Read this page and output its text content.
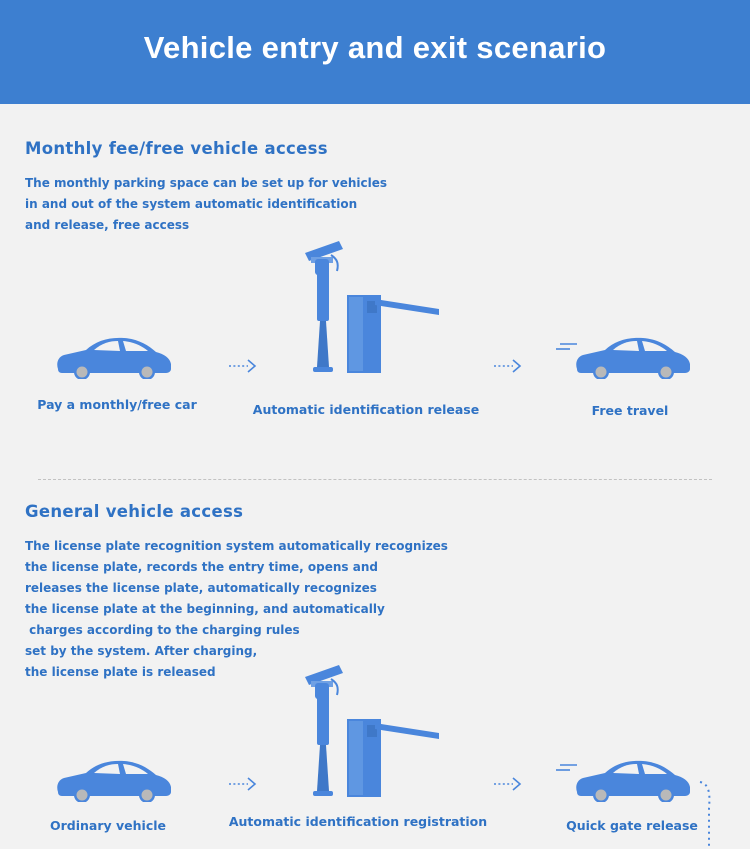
Vehicle entry and exit scenario
Monthly fee/free vehicle access
The monthly parking space can be set up for vehicles
in and out of the system automatic identification
and release, free access
Pay a monthly/free car	Automatic identification release	Free travel
General vehicle access
The license plate recognition system automatically recognizes
the license plate, records the entry time, opens and
releases the license plate, automatically recognizes
the license plate at the beginning, and automatically
charges according to the charging rules
set by the system. After charging,
the license plate is released
Ordinary vehicle	Automatic identification registration	Quick gate release
